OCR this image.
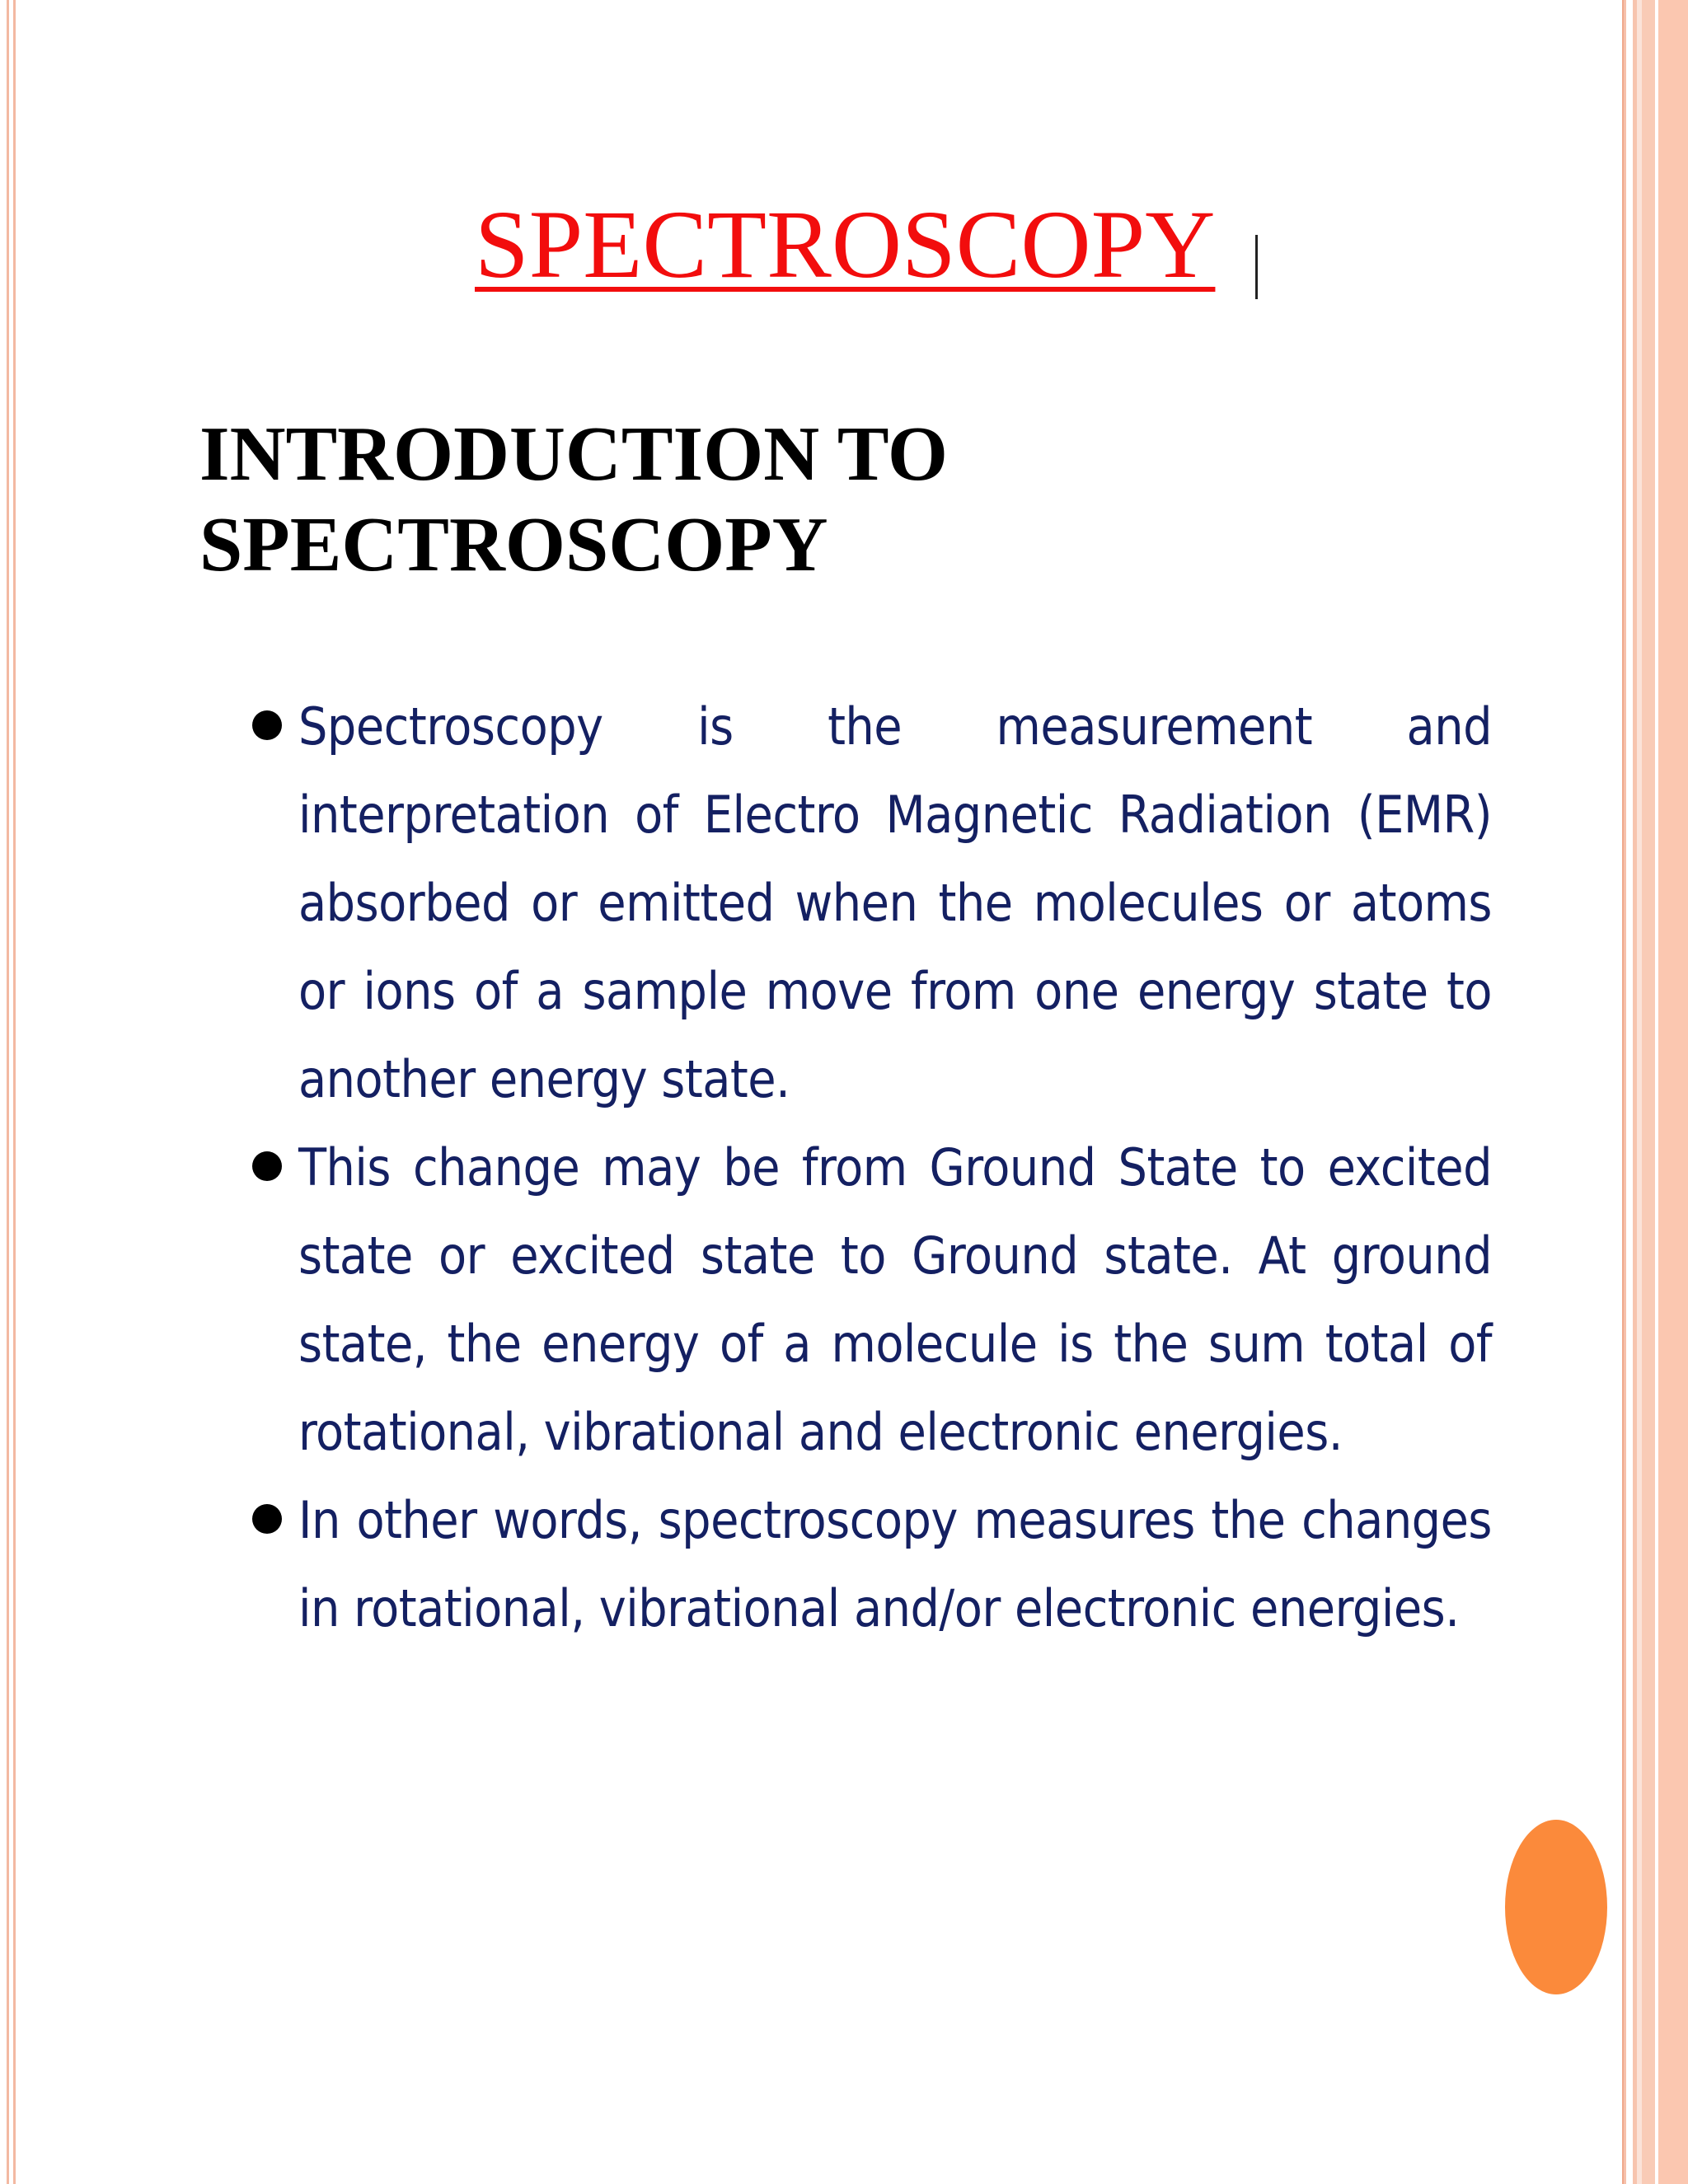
SPECTROSCOPY
INTRODUCTION TO SPECTROSCOPY
Spectroscopy is the measurement and interpretation of Electro Magnetic Radiation (EMR) absorbed or emitted when the molecules or atoms or ions of a sample move from one energy state to another energy state.
This change may be from Ground State to excited state or excited state to Ground state. At ground state, the energy of a molecule is the sum total of rotational, vibrational and electronic energies.
In other words, spectroscopy measures the changes in rotational, vibrational and/or electronic energies.
